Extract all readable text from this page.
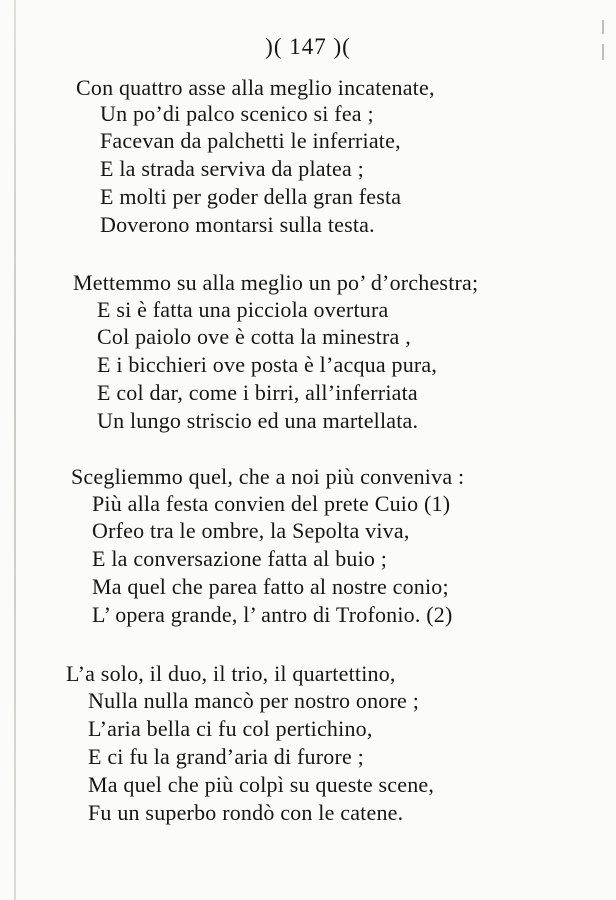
)( 147 )(
Con quattro asse alla meglio incatenate,
Un po’di palco scenico si fea ;
Facevan da palchetti le inferriate,
E la strada serviva da platea ;
E molti per goder della gran festa
Doverono montarsi sulla testa.
Mettemmo su alla meglio un po’ d’orchestra;
E si è fatta una picciola overtura
Col paiolo ove è cotta la minestra ,
E i bicchieri ove posta è l’acqua pura,
E col dar, come i birri, all’inferriata
Un lungo striscio ed una martellata.
Scegliemmo quel, che a noi più conveniva :
Più alla festa convien del prete Cuio (1)
Orfeo tra le ombre, la Sepolta viva,
E la conversazione fatta al buio ;
Ma quel che parea fatto al nostre conio;
L’ opera grande, l’ antro di Trofonio. (2)
L’a solo, il duo, il trio, il quartettino,
Nulla nulla mancò per nostro onore ;
L’aria bella ci fu col pertichino,
E ci fu la grand’aria di furore ;
Ma quel che più colpì su queste scene,
Fu un superbo rondò con le catene.
